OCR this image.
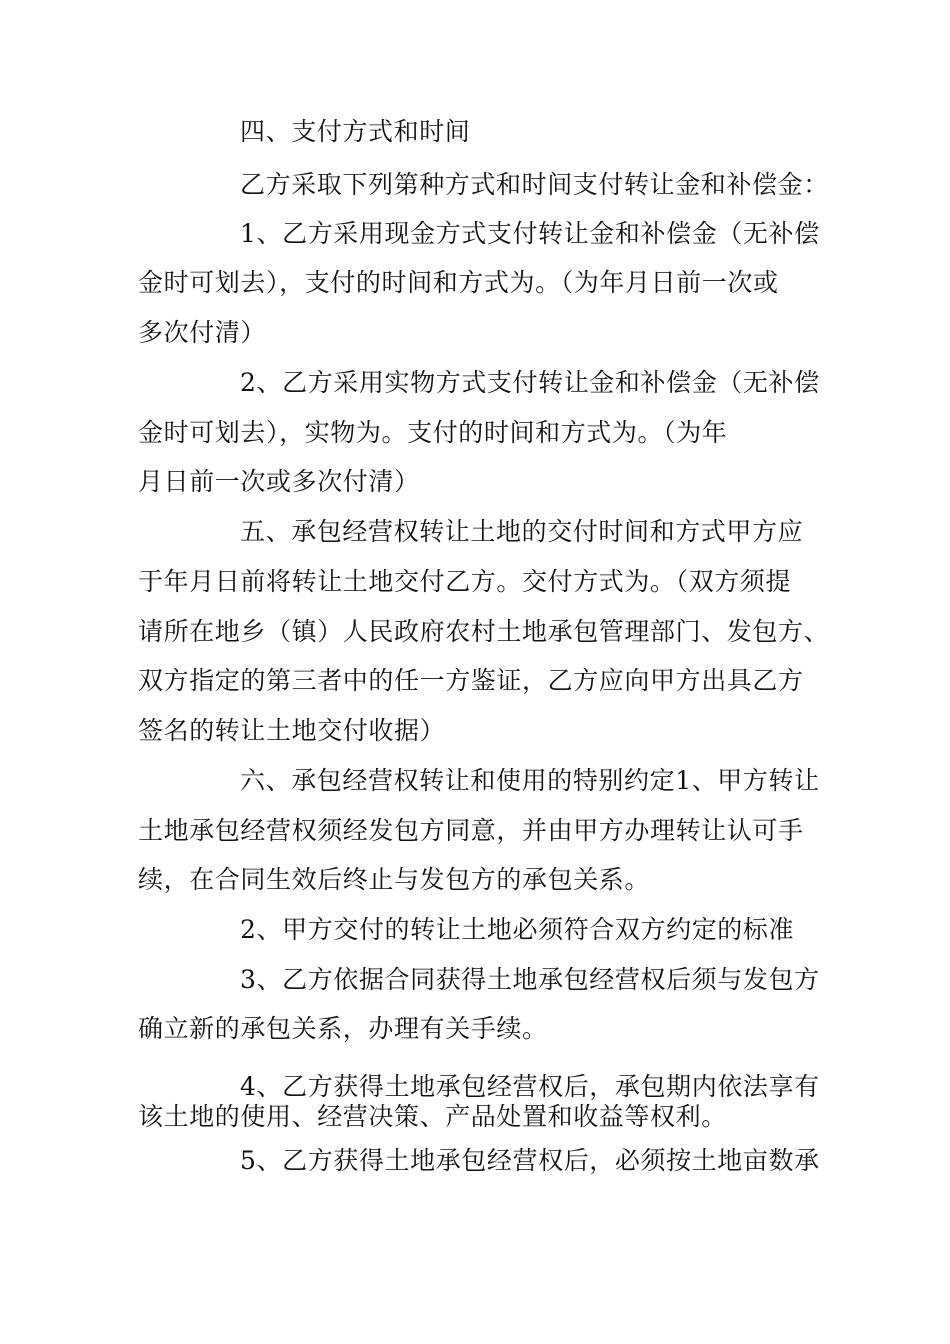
四、支付方式和时间
乙方采取下列第种方式和时间支付转让金和补偿金：
1、乙方采用现金方式支付转让金和补偿金（无补偿
金时可划去），支付的时间和方式为。（为年月日前一次或
多次付清）
2、乙方采用实物方式支付转让金和补偿金（无补偿
金时可划去），实物为。支付的时间和方式为。（为年
月日前一次或多次付清）
五、承包经营权转让土地的交付时间和方式甲方应
于年月日前将转让土地交付乙方。交付方式为。（双方须提
请所在地乡（镇）人民政府农村土地承包管理部门、发包方、
双方指定的第三者中的任一方鉴证，乙方应向甲方出具乙方
签名的转让土地交付收据）
六、承包经营权转让和使用的特别约定1、甲方转让
土地承包经营权须经发包方同意，并由甲方办理转让认可手
续，在合同生效后终止与发包方的承包关系。
2、甲方交付的转让土地必须符合双方约定的标准
3、乙方依据合同获得土地承包经营权后须与发包方
确立新的承包关系，办理有关手续。
4、乙方获得土地承包经营权后，承包期内依法享有
该土地的使用、经营决策、产品处置和收益等权利。
5、乙方获得土地承包经营权后，必须按土地亩数承
